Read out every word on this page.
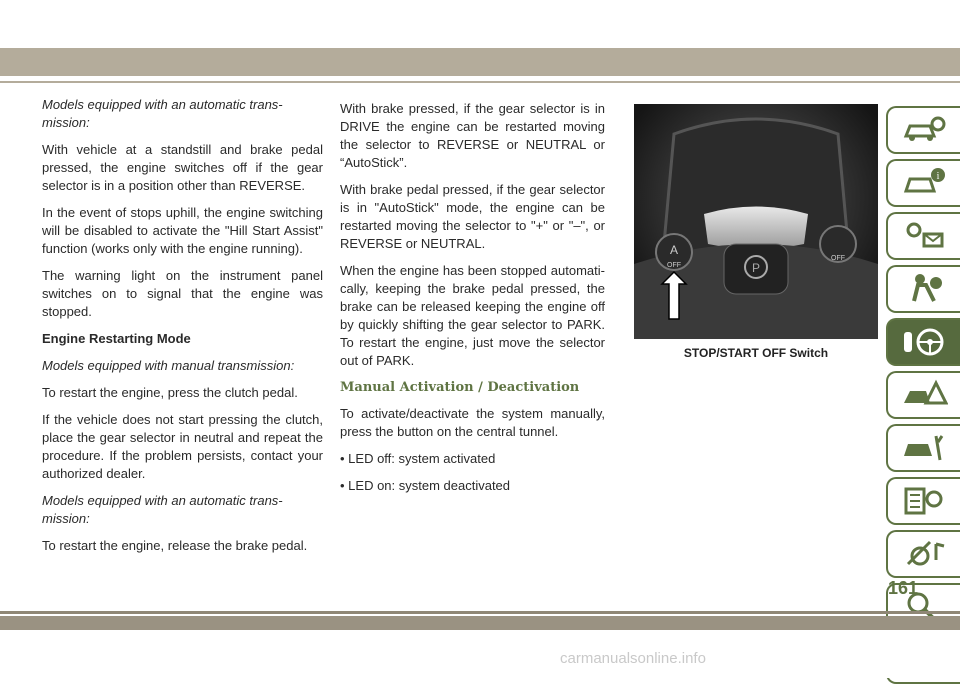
Models equipped with an automatic trans-
mission:

With vehicle at a standstill and brake pedal pressed, the engine switches off if the gear selector is in a position other than REVERSE.

In the event of stops uphill, the engine switching will be disabled to activate the "Hill Start Assist" function (works only with the engine running).

The warning light on the instrument panel switches on to signal that the engine was stopped.

Engine Restarting Mode

Models equipped with manual transmission:

To restart the engine, press the clutch pedal.

If the vehicle does not start pressing the clutch, place the gear selector in neutral and repeat the procedure. If the problem persists, contact your authorized dealer.

Models equipped with an automatic trans-
mission:

To restart the engine, release the brake pedal.

With brake pressed, if the gear selector is in DRIVE the engine can be restarted moving the selector to REVERSE or NEUTRAL or “AutoStick”.

With brake pedal pressed, if the gear selector is in "AutoStick" mode, the engine can be restarted moving the selector to "+" or "–", or REVERSE or NEUTRAL.

When the engine has been stopped automati-cally, keeping the brake pedal pressed, the brake can be released keeping the engine off by quickly shifting the gear selector to PARK. To restart the engine, just move the selector out of PARK.

Manual Activation / Deactivation

To activate/deactivate the system manually, press the button on the central tunnel.

• LED off: system activated

• LED on: system deactivated

P
A
OFF
OFF
STOP/START OFF Switch
i
161
carmanualsonline.info
